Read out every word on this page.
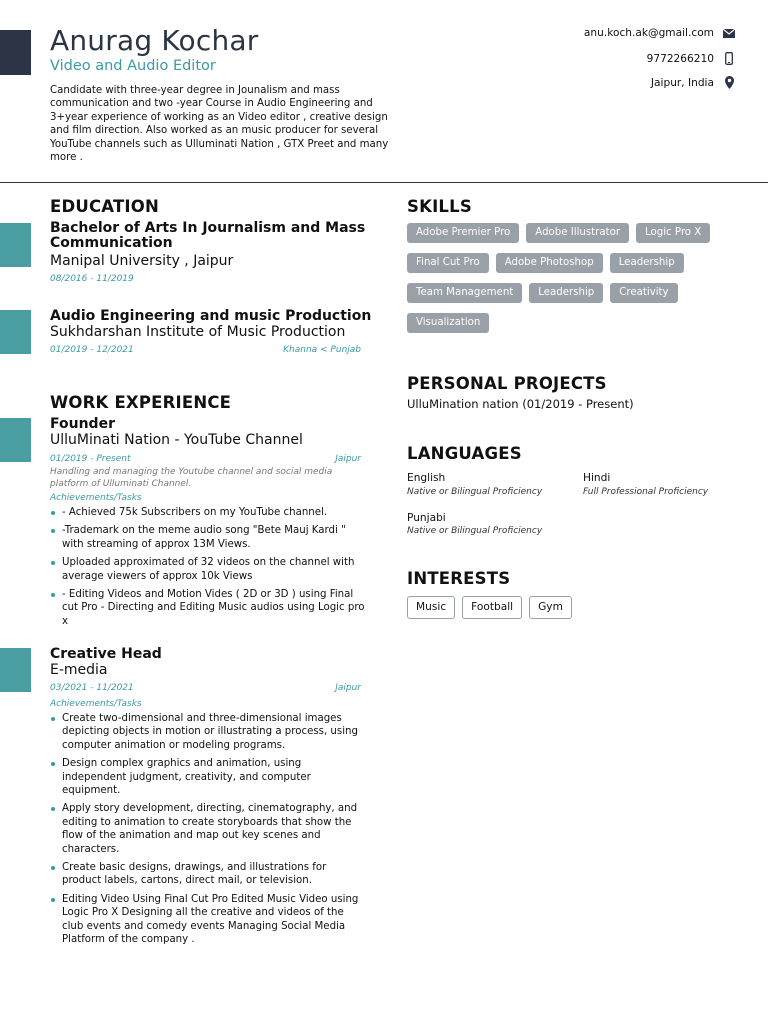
Anurag Kochar
Video and Audio Editor
Candidate with three-year degree in Jounalism and mass communication and two -year Course in Audio Engineering and 3+year experience of working as an Video editor , creative design and film direction. Also worked as an music producer for several YouTube channels such as Ulluminati Nation , GTX Preet and many more .
anu.koch.ak@gmail.com
9772266210
Jaipur, India
EDUCATION
Bachelor of Arts In Journalism and Mass Communication
Manipal University , Jaipur
08/2016 - 11/2019
Audio Engineering and music Production
Sukhdarshan Institute of Music Production
01/2019 - 12/2021	Khanna < Punjab
WORK EXPERIENCE
Founder
UlluMinati Nation - YouTube Channel
01/2019 - Present	Jaipur
Handling and managing the Youtube channel and social media platform of Ulluminati Channel.
Achievements/Tasks
- Achieved 75k Subscribers on my YouTube channel.
-Trademark on the meme audio song "Bete Mauj Kardi " with streaming of approx 13M Views.
Uploaded approximated of 32 videos on the channel with average viewers of approx 10k Views
- Editing Videos and Motion Vides ( 2D or 3D ) using Final cut Pro - Directing and Editing Music audios using Logic pro x
Creative Head
E-media
03/2021 - 11/2021	Jaipur
Achievements/Tasks
Create two-dimensional and three-dimensional images depicting objects in motion or illustrating a process, using computer animation or modeling programs.
Design complex graphics and animation, using independent judgment, creativity, and computer equipment.
Apply story development, directing, cinematography, and editing to animation to create storyboards that show the flow of the animation and map out key scenes and characters.
Create basic designs, drawings, and illustrations for product labels, cartons, direct mail, or television.
Editing Video Using Final Cut Pro Edited Music Video using Logic Pro X Designing all the creative and videos of the club events and comedy events Managing Social Media Platform of the company .
SKILLS
Adobe Premier Pro	Adobe Illustrator	Logic Pro X
Final Cut Pro	Adobe Photoshop	Leadership
Team Management	Leadership	Creativity
Visualization
PERSONAL PROJECTS
UlluMination nation (01/2019 - Present)
LANGUAGES
English
Native or Bilingual Proficiency
Hindi
Full Professional Proficiency
Punjabi
Native or Bilingual Proficiency
INTERESTS
Music	Football	Gym
